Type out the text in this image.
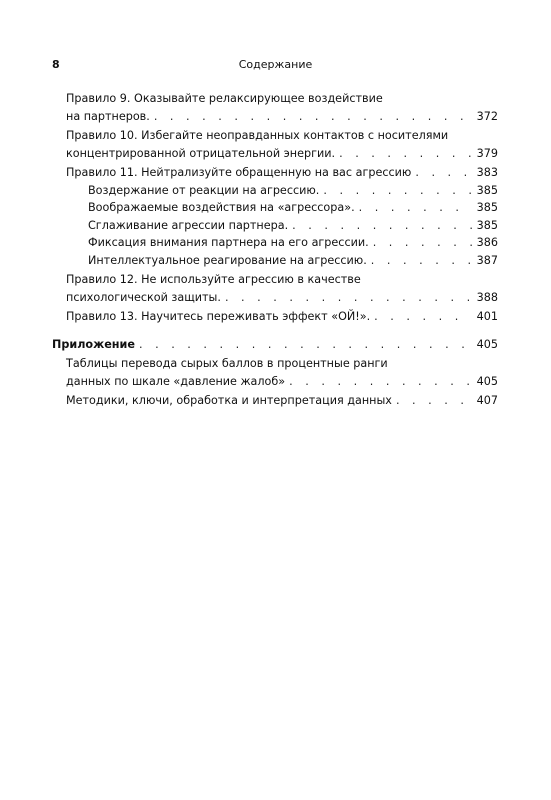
8	Содержание
Правило 9. Оказывайте релаксирующее воздействие
на партнеров. . . .	372
Правило 10. Избегайте неоправданных контактов с носителями
концентрированной отрицательной энергии. . . .	379
Правило 11. Нейтрализуйте обращенную на вас агрессию . . .	383
Воздержание от реакции на агрессию. . . .	385
Воображаемые воздействия на «агрессора». . . .	385
Сглаживание агрессии партнера. . . .	385
Фиксация внимания партнера на его агрессии. . . .	386
Интеллектуальное реагирование на агрессию. . . .	387
Правило 12. Не используйте агрессию в качестве
психологической защиты. . . .	388
Правило 13. Научитесь переживать эффект «ОЙ!». . . .	401
Приложение . . .	405
Таблицы перевода сырых баллов в процентные ранги
данных по шкале «давление жалоб» . . .	405
Методики, ключи, обработка и интерпретация данных . . .	407
